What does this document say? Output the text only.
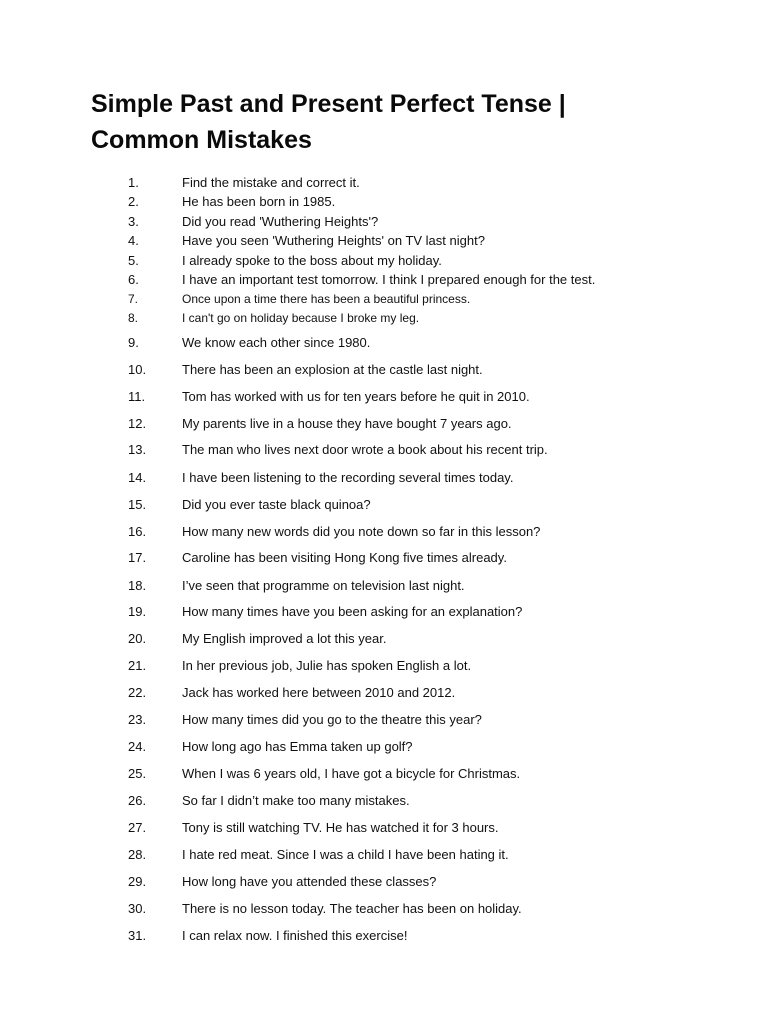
Simple Past and Present Perfect Tense |
Common Mistakes
1.	Find the mistake and correct it.
2.	He has been born in 1985.
3.	Did you read 'Wuthering Heights'?
4.	Have you seen 'Wuthering Heights' on TV last night?
5.	I already spoke to the boss about my holiday.
6.	I have an important test tomorrow. I think I prepared enough for the test.
7.	Once upon a time there has been a beautiful princess.
8.	I can't go on holiday because I broke my leg.
9.	We know each other since 1980.
10.	There has been an explosion at the castle last night.
11.	Tom has worked with us for ten years before he quit in 2010.
12.	My parents live in a house they have bought 7 years ago.
13.	The man who lives next door wrote a book about his recent trip.
14.	I have been listening to the recording several times today.
15.	Did you ever taste black quinoa?
16.	How many new words did you note down so far in this lesson?
17.	Caroline has been visiting Hong Kong five times already.
18.	I’ve seen that programme on television last night.
19.	How many times have you been asking for an explanation?
20.	My English improved a lot this year.
21.	In her previous job, Julie has spoken English a lot.
22.	Jack has worked here between 2010 and 2012.
23.	How many times did you go to the theatre this year?
24.	How long ago has Emma taken up golf?
25.	When I was 6 years old, I have got a bicycle for Christmas.
26.	So far I didn’t make too many mistakes.
27.	Tony is still watching TV. He has watched it for 3 hours.
28.	I hate red meat. Since I was a child I have been hating it.
29.	How long have you attended these classes?
30.	There is no lesson today. The teacher has been on holiday.
31.	I can relax now. I finished this exercise!
